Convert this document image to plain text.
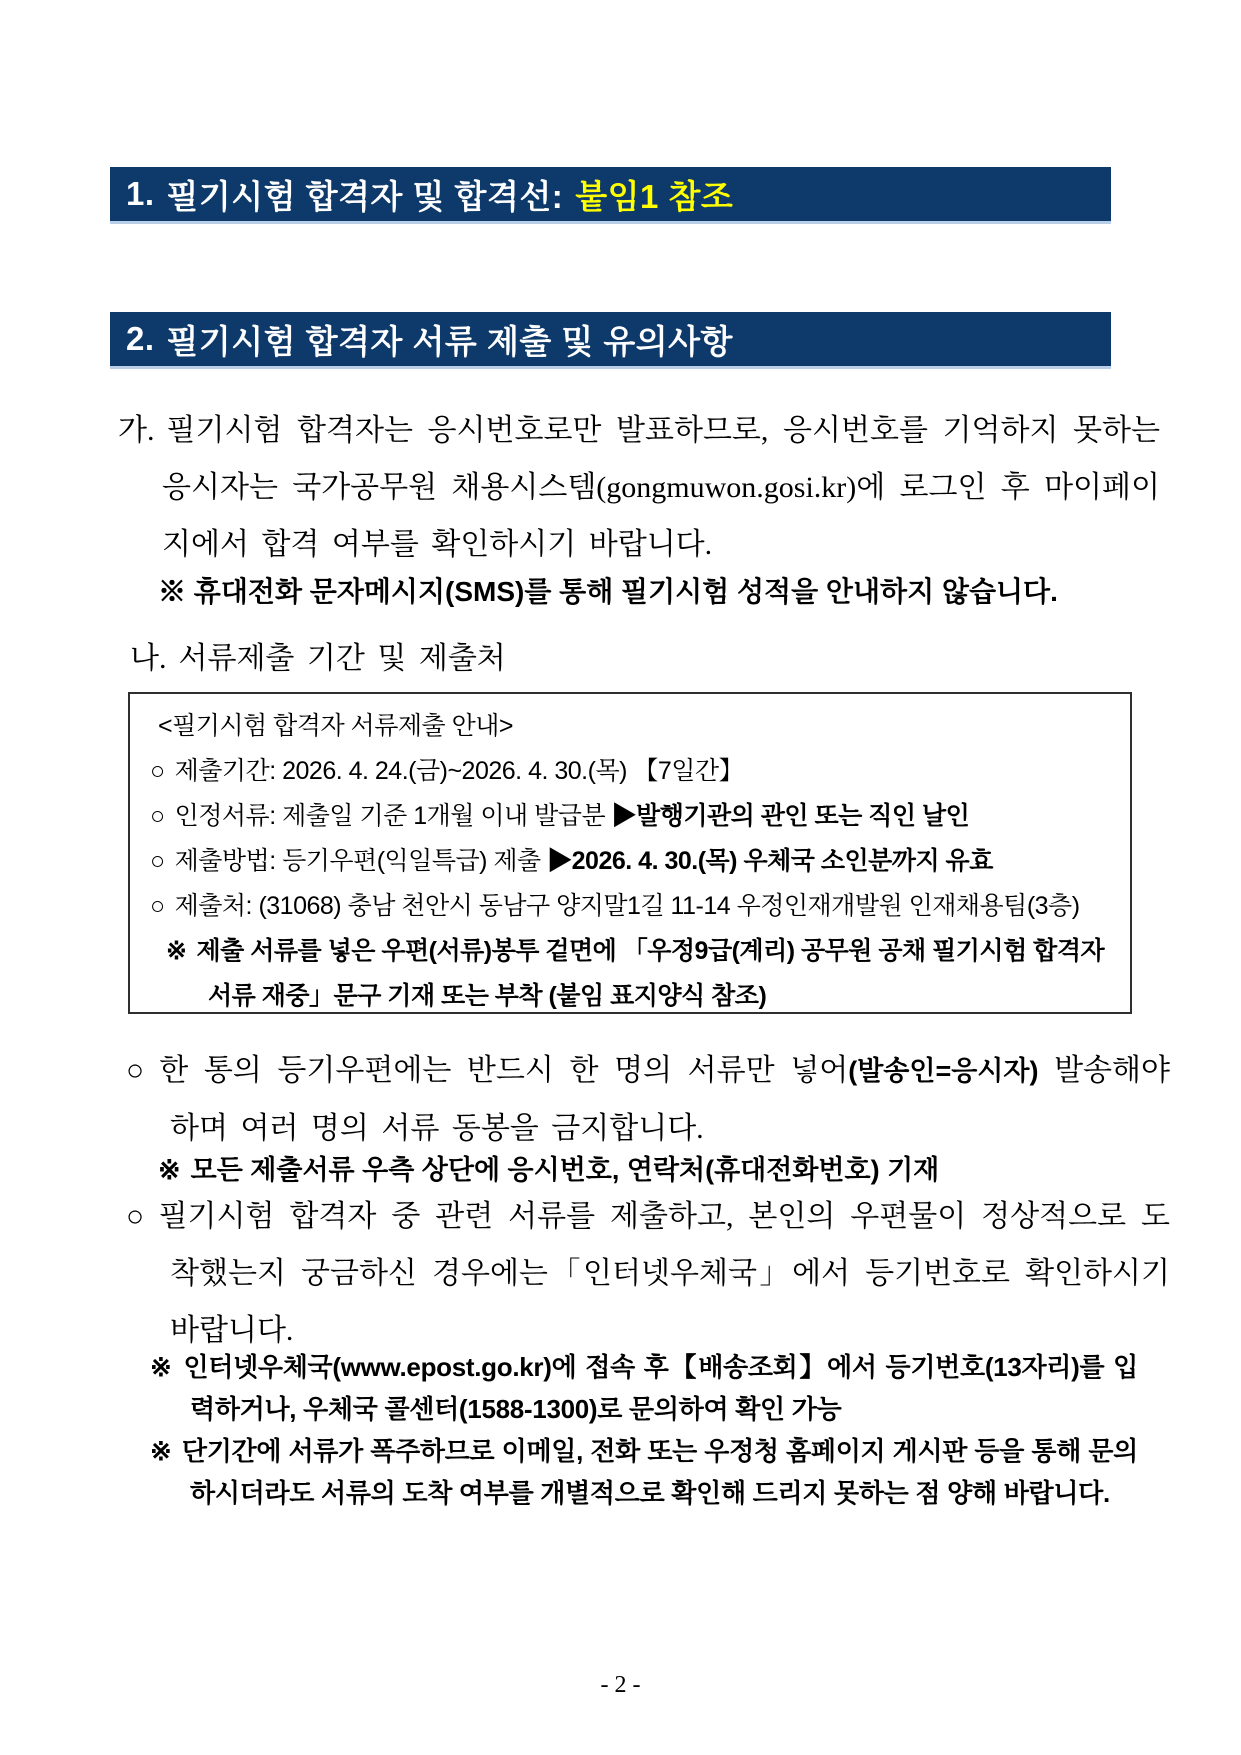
1. 필기시험 합격자 및 합격선: 붙임1 참조
2. 필기시험 합격자 서류 제출 및 유의사항
가. 필기시험 합격자는 응시번호로만 발표하므로, 응시번호를 기억하지 못하는 응시자는 국가공무원 채용시스템(gongmuwon.gosi.kr)에 로그인 후 마이페이지에서 합격 여부를 확인하시기 바랍니다.
※ 휴대전화 문자메시지(SMS)를 통해 필기시험 성적을 안내하지 않습니다.
나. 서류제출 기간 및 제출처
<필기시험 합격자 서류제출 안내>
○ 제출기간: 2026. 4. 24.(금)~2026. 4. 30.(목) 【7일간】
○ 인정서류: 제출일 기준 1개월 이내 발급분 ▶발행기관의 관인 또는 직인 날인
○ 제출방법: 등기우편(익일특급) 제출 ▶2026. 4. 30.(목) 우체국 소인분까지 유효
○ 제출처: (31068) 충남 천안시 동남구 양지말1길 11-14 우정인재개발원 인재채용팀(3층)
※ 제출 서류를 넣은 우편(서류)봉투 겉면에 「우정9급(계리) 공무원 공채 필기시험 합격자 서류 재중」문구 기재 또는 부착 (붙임 표지양식 참조)
○ 한 통의 등기우편에는 반드시 한 명의 서류만 넣어(발송인=응시자) 발송해야 하며 여러 명의 서류 동봉을 금지합니다.
※ 모든 제출서류 우측 상단에 응시번호, 연락처(휴대전화번호) 기재
○ 필기시험 합격자 중 관련 서류를 제출하고, 본인의 우편물이 정상적으로 도착했는지 궁금하신 경우에는「인터넷우체국」에서 등기번호로 확인하시기 바랍니다.
※ 인터넷우체국(www.epost.go.kr)에 접속 후【배송조회】에서 등기번호(13자리)를 입력하거나, 우체국 콜센터(1588-1300)로 문의하여 확인 가능
※ 단기간에 서류가 폭주하므로 이메일, 전화 또는 우정청 홈페이지 게시판 등을 통해 문의하시더라도 서류의 도착 여부를 개별적으로 확인해 드리지 못하는 점 양해 바랍니다.
- 2 -
